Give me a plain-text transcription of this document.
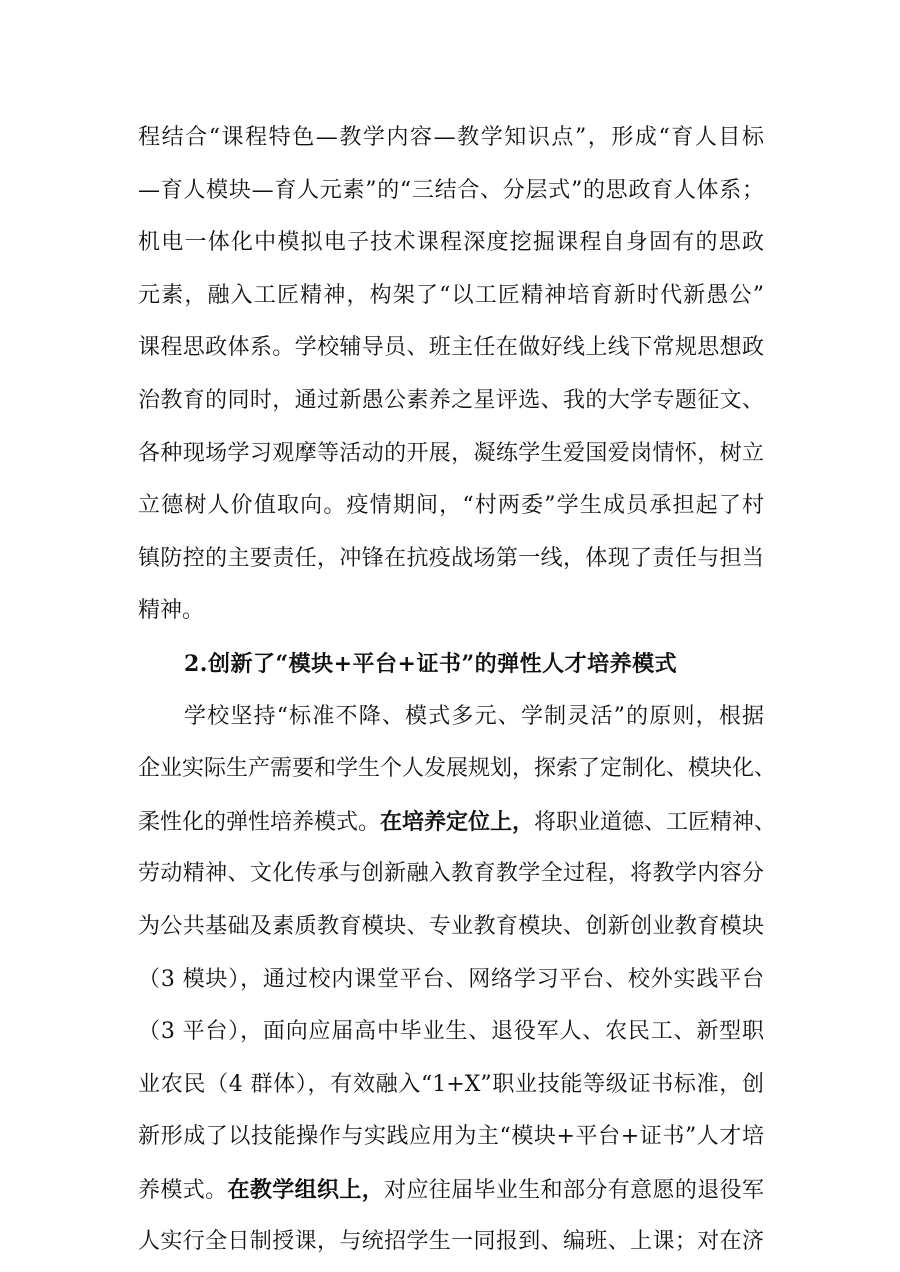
程结合“课程特色—教学内容—教学知识点”，形成“育人目标
—育人模块—育人元素”的“三结合、分层式”的思政育人体系；
机电一体化中模拟电子技术课程深度挖掘课程自身固有的思政
元素，融入工匠精神，构架了“以工匠精神培育新时代新愚公”
课程思政体系。学校辅导员、班主任在做好线上线下常规思想政
治教育的同时，通过新愚公素养之星评选、我的大学专题征文、
各种现场学习观摩等活动的开展，凝练学生爱国爱岗情怀，树立
立德树人价值取向。疫情期间，“村两委”学生成员承担起了村
镇防控的主要责任，冲锋在抗疫战场第一线，体现了责任与担当
精神。
2.创新了“模块+平台+证书”的弹性人才培养模式
学校坚持“标准不降、模式多元、学制灵活”的原则，根据
企业实际生产需要和学生个人发展规划，探索了定制化、模块化、
柔性化的弹性培养模式。在培养定位上，将职业道德、工匠精神、
劳动精神、文化传承与创新融入教育教学全过程，将教学内容分
为公共基础及素质教育模块、专业教育模块、创新创业教育模块
（3 模块），通过校内课堂平台、网络学习平台、校外实践平台
（3 平台），面向应届高中毕业生、退役军人、农民工、新型职
业农民（4 群体），有效融入“1+X”职业技能等级证书标准，创
新形成了以技能操作与实践应用为主“模块+平台+证书”人才培
养模式。在教学组织上，对应往届毕业生和部分有意愿的退役军
人实行全日制授课，与统招学生一同报到、编班、上课；对在济
